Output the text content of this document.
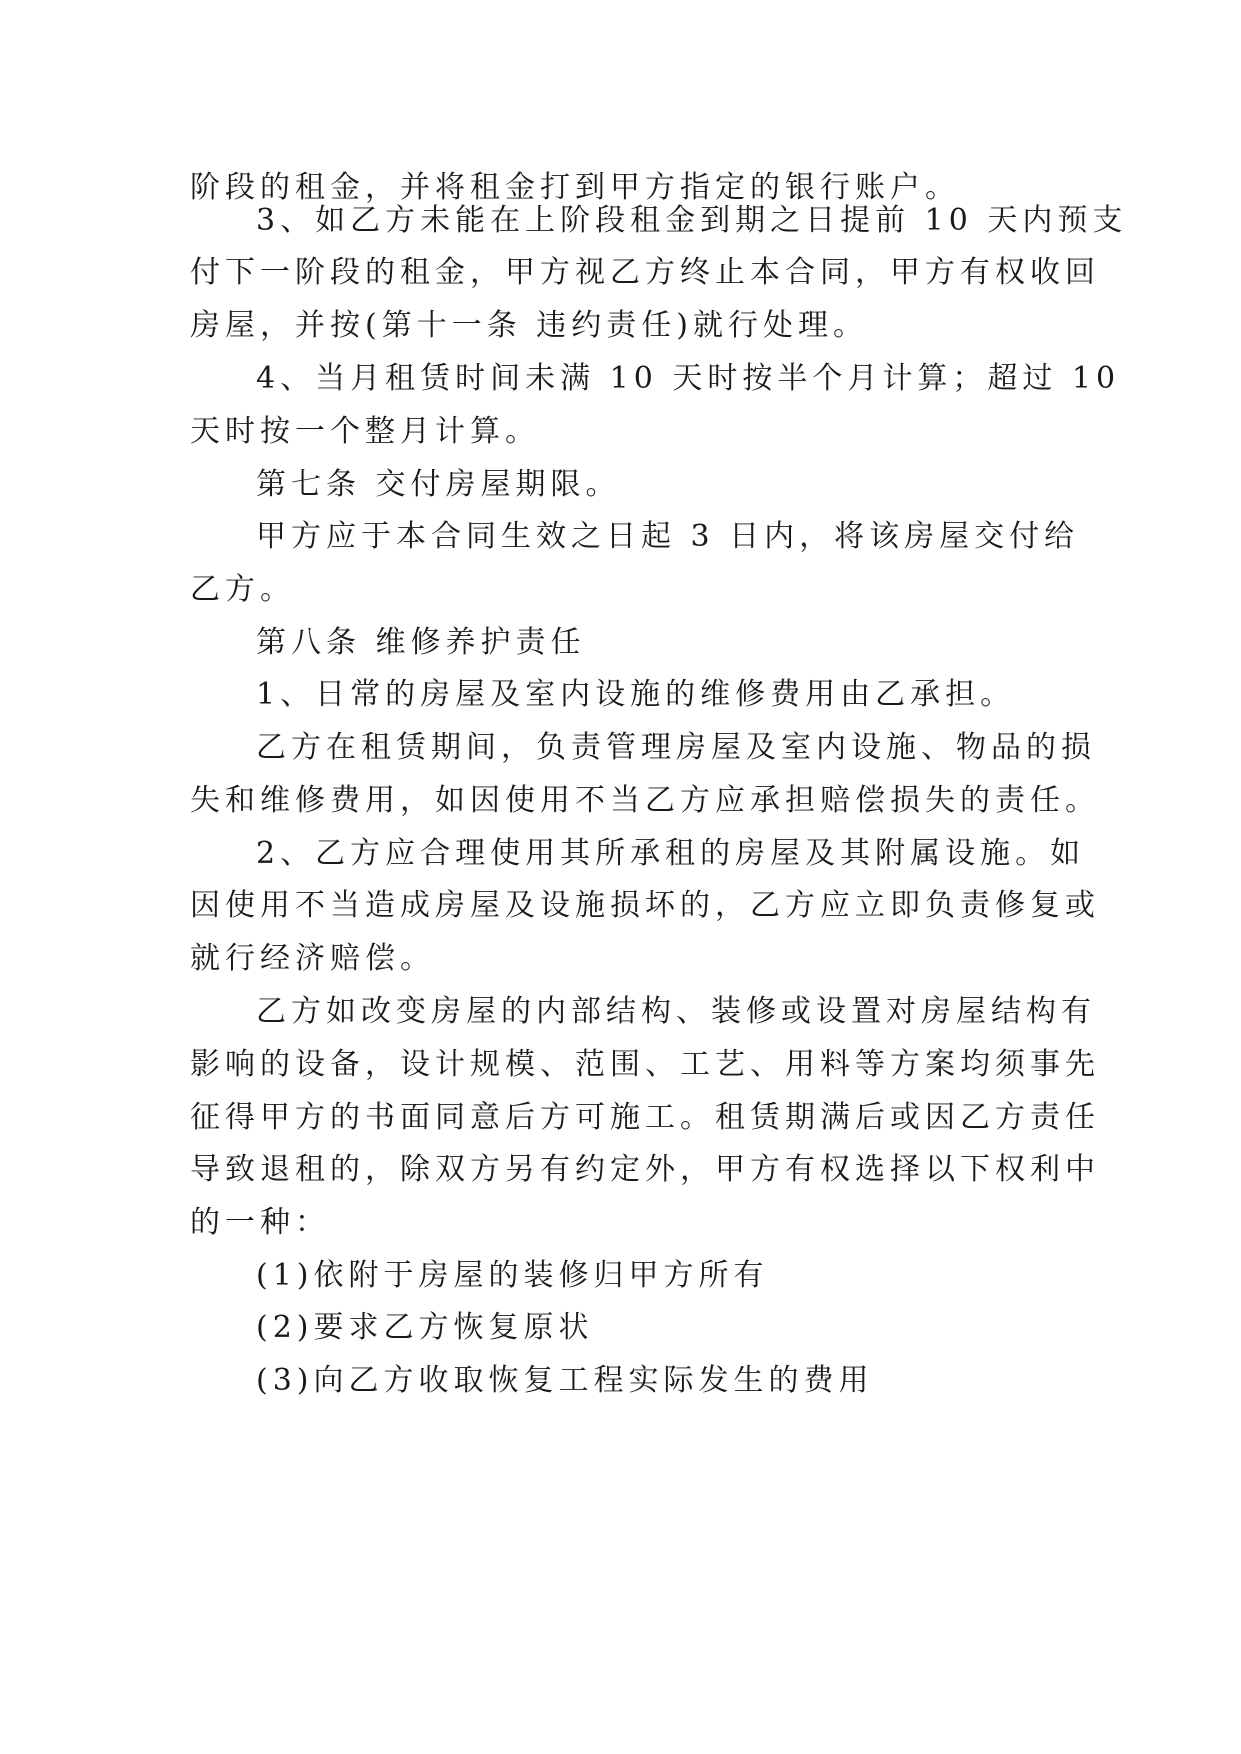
阶段的租金，并将租金打到甲方指定的银行账户。
3、如乙方未能在上阶段租金到期之日提前 10 天内预支
付下一阶段的租金，甲方视乙方终止本合同，甲方有权收回
房屋，并按(第十一条 违约责任)就行处理。
4、当月租赁时间未满 10 天时按半个月计算；超过 10
天时按一个整月计算。
第七条 交付房屋期限。
甲方应于本合同生效之日起 3 日内，将该房屋交付给
乙方。
第八条 维修养护责任
1、日常的房屋及室内设施的维修费用由乙承担。
乙方在租赁期间，负责管理房屋及室内设施、物品的损
失和维修费用，如因使用不当乙方应承担赔偿损失的责任。
2、乙方应合理使用其所承租的房屋及其附属设施。如
因使用不当造成房屋及设施损坏的，乙方应立即负责修复或
就行经济赔偿。
乙方如改变房屋的内部结构、装修或设置对房屋结构有
影响的设备，设计规模、范围、工艺、用料等方案均须事先
征得甲方的书面同意后方可施工。租赁期满后或因乙方责任
导致退租的，除双方另有约定外，甲方有权选择以下权利中
的一种：
(1)依附于房屋的装修归甲方所有
(2)要求乙方恢复原状
(3)向乙方收取恢复工程实际发生的费用
